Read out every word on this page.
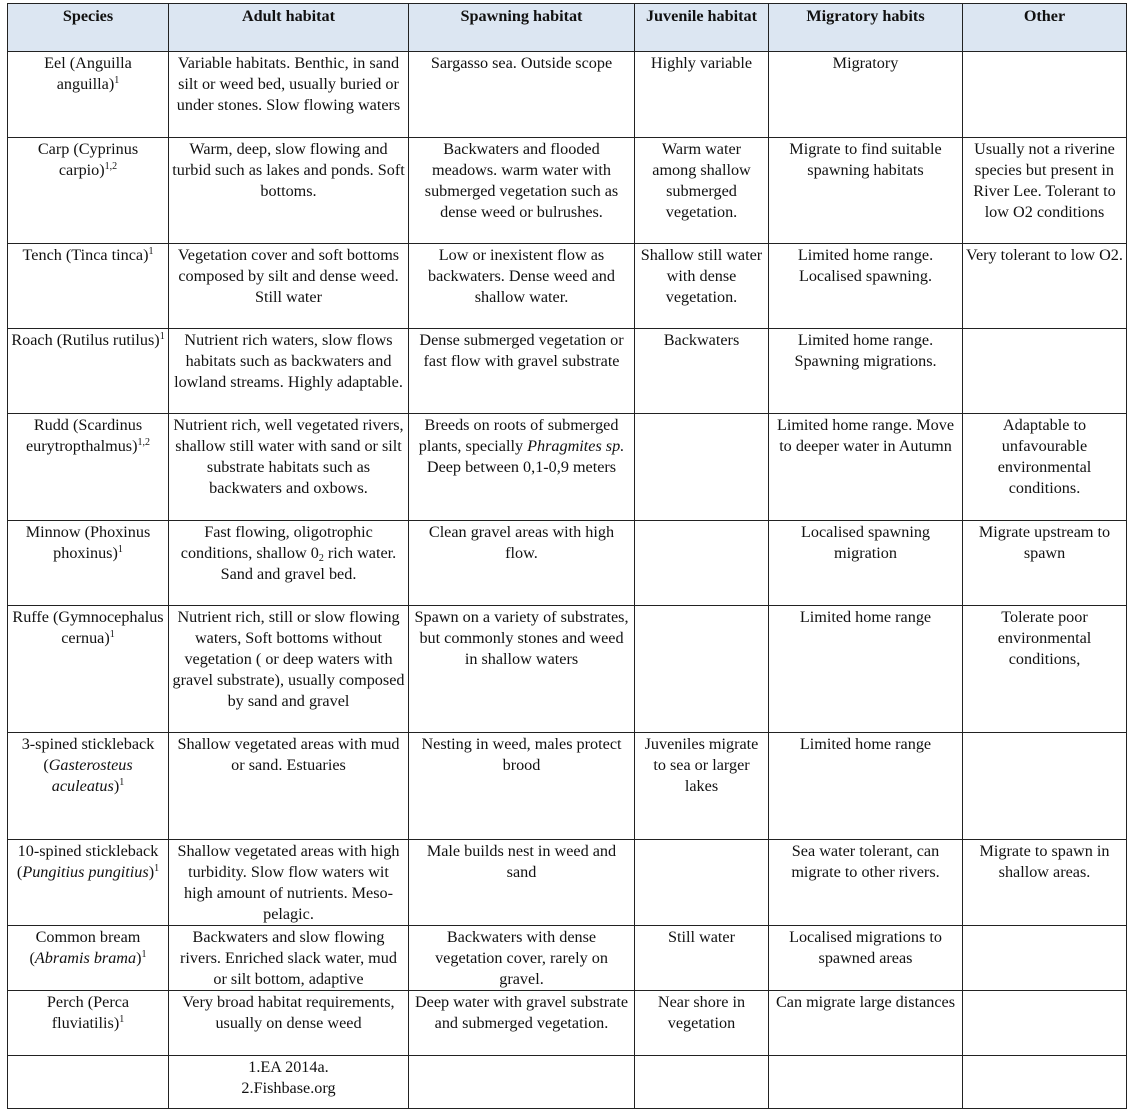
Species	Adult habitat	Spawning habitat	Juvenile habitat	Migratory habits	Other
Eel (Anguilla anguilla)$^1$	Variable habitats. Benthic, in sand silt or weed bed, usually buried or under stones. Slow flowing waters	Sargasso sea. Outside scope	Highly variable	Migratory	
Carp (Cyprinus carpio)$^{1,2}$	Warm, deep, slow flowing and turbid such as lakes and ponds. Soft bottoms.	Backwaters and flooded meadows. warm water with submerged vegetation such as dense weed or bulrushes.	Warm water among shallow submerged vegetation.	Migrate to find suitable spawning habitats	Usually not a riverine species but present in River Lee. Tolerant to low O2 conditions
Tench (Tinca tinca)$^1$	Vegetation cover and soft bottoms composed by silt and dense weed. Still water	Low or inexistent flow as backwaters. Dense weed and shallow water.	Shallow still water with dense vegetation.	Limited home range. Localised spawning.	Very tolerant to low O2.
Roach (Rutilus rutilus)$^1$	Nutrient rich waters, slow flows habitats such as backwaters and lowland streams. Highly adaptable.	Dense submerged vegetation or fast flow with gravel substrate	Backwaters	Limited home range. Spawning migrations.	
Rudd (Scardinus eurytropthalmus)$^{1,2}$	Nutrient rich, well vegetated rivers, shallow still water with sand or silt substrate habitats such as backwaters and oxbows.	Breeds on roots of submerged plants, specially Phragmites sp. Deep between 0,1-0,9 meters		Limited home range. Move to deeper water in Autumn	Adaptable to unfavourable environmental conditions.
Minnow (Phoxinus phoxinus)$^1$	Fast flowing, oligotrophic conditions, shallow $0_2$ rich water. Sand and gravel bed.	Clean gravel areas with high flow.		Localised spawning migration	Migrate upstream to spawn
Ruffe (Gymnocephalus cernua)$^1$	Nutrient rich, still or slow flowing waters, Soft bottoms without vegetation ( or deep waters with gravel substrate), usually composed by sand and gravel	Spawn on a variety of substrates, but commonly stones and weed in shallow waters		Limited home range	Tolerate poor environmental conditions,
3-spined stickleback (Gasterosteus aculeatus)$^1$	Shallow vegetated areas with mud or sand. Estuaries	Nesting in weed, males protect brood	Juveniles migrate to sea or larger lakes	Limited home range	
10-spined stickleback (Pungitius pungitius)$^1$	Shallow vegetated areas with high turbidity. Slow flow waters wit high amount of nutrients. Meso-pelagic.	Male builds nest in weed and sand		Sea water tolerant, can migrate to other rivers.	Migrate to spawn in shallow areas.
Common bream (Abramis brama)$^1$	Backwaters and slow flowing rivers. Enriched slack water, mud or silt bottom, adaptive	Backwaters with dense vegetation cover, rarely on gravel.	Still water	Localised migrations to spawned areas	
Perch (Perca fluviatilis)$^1$	Very broad habitat requirements, usually on dense weed	Deep water with gravel substrate and submerged vegetation.	Near shore in vegetation	Can migrate large distances	

	1.EA 2014a.
2.Fishbase.org				
